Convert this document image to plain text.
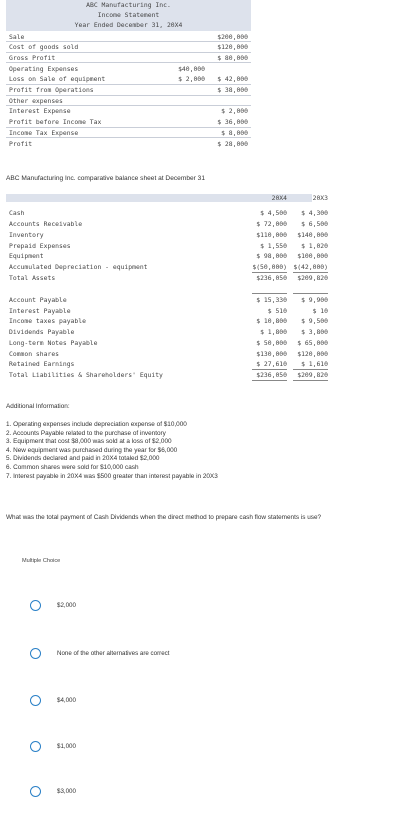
ABC Manufacturing Inc.
Income Statement
Year Ended December 31, 20X4
Sale	$200,000
Cost of goods sold	$120,000
Gross Profit	$ 80,000
Operating Expenses	$40,000
Loss on Sale of equipment	$ 2,000	$ 42,000
Profit from Operations	$ 38,000
Other expenses
Interest Expense	$ 2,000
Profit before Income Tax	$ 36,000
Income Tax Expense	$ 8,000
Profit	$ 28,000
ABC Manufacturing Inc. comparative balance sheet at December 31
20X4	20X3
Cash	$ 4,500	$ 4,300
Accounts Receivable	$ 72,000	$ 6,500
Inventory	$110,000	$140,000
Prepaid Expenses	$ 1,550	$ 1,020
Equipment	$ 98,000	$100,000
Accumulated Depreciation - equipment	$(50,000) $(42,000)
Total Assets	$236,050	$209,820
Account Payable	$ 15,330	$ 9,900
Interest Payable	$ 510	$ 10
Income taxes payable	$ 10,800	$ 9,500
Dividends Payable	$ 1,800	$ 3,800
Long-term Notes Payable	$ 50,000	$ 65,000
Common shares	$130,000	$120,000
Retained Earnings	$ 27,610	$ 1,610
Total Liabilities & Shareholders' Equity	$236,050	$209,820
Additional Information:
1. Operating expenses include depreciation expense of $10,000
2. Accounts Payable related to the purchase of inventory
3. Equipment that cost $8,000 was sold at a loss of $2,000
4. New equipment was purchased during the year for $6,000
5. Dividends declared and paid in 20X4 totaled $2,000
6. Common shares were sold for $10,000 cash
7. Interest payable in 20X4 was $500 greater than interest payable in 20X3
What was the total payment of Cash Dividends when the direct method to prepare cash flow statements is use?
Multiple Choice
$2,000
None of the other alternatives are correct
$4,000
$1,000
$3,000
